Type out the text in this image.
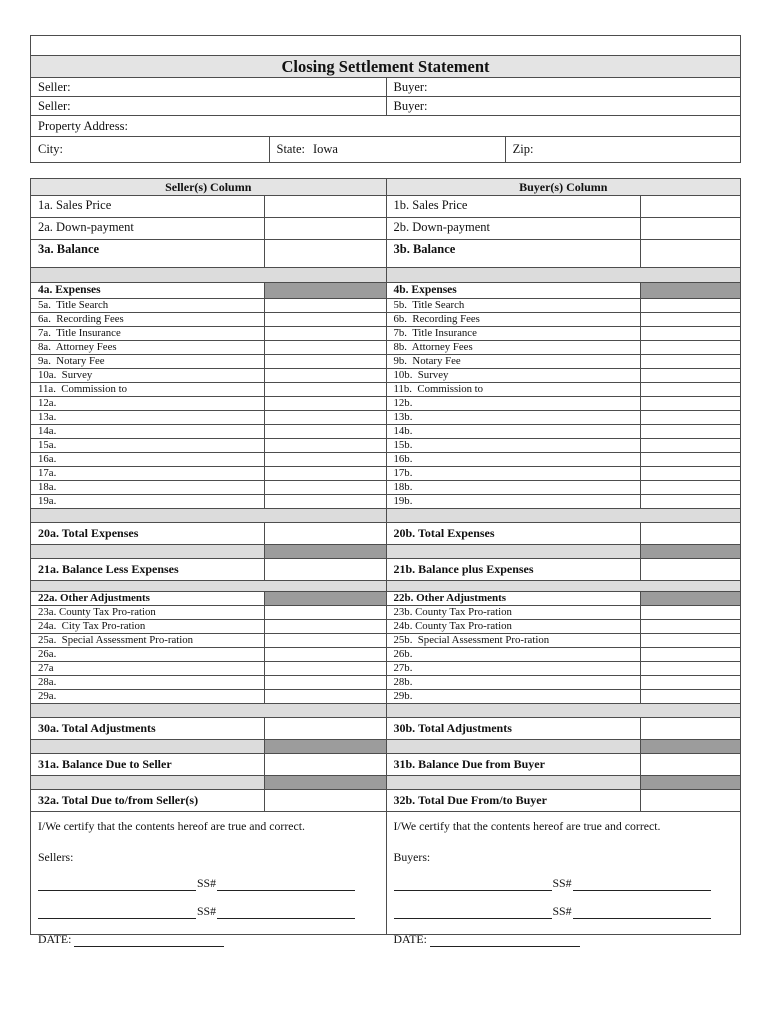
Closing Settlement Statement
Seller:	Buyer:
Seller:	Buyer:
Property Address:
City:	State: Iowa	Zip:
Seller(s) Column	Buyer(s) Column
1a. Sales Price	1b. Sales Price
2a. Down-payment	2b. Down-payment
3a. Balance	3b. Balance
4a. Expenses	4b. Expenses
5a.  Title Search	5b.  Title Search
6a.  Recording Fees	6b.  Recording Fees
7a.  Title Insurance	7b.  Title Insurance
8a.  Attorney Fees	8b.  Attorney Fees
9a.  Notary Fee	9b.  Notary Fee
10a.  Survey	10b.  Survey
11a.  Commission to	11b.  Commission to
12a.	12b.
13a.	13b.
14a.	14b.
15a.	15b.
16a.	16b.
17a.	17b.
18a.	18b.
19a.	19b.
20a. Total Expenses	20b. Total Expenses
21a. Balance Less Expenses	21b. Balance plus Expenses
22a. Other Adjustments	22b. Other Adjustments
23a. County Tax Pro-ration	23b. County Tax Pro-ration
24a.  City Tax Pro-ration	24b. County Tax Pro-ration
25a.  Special Assessment Pro-ration	25b.  Special Assessment Pro-ration
26a.	26b.
27a	27b.
28a.	28b.
29a.	29b.
30a. Total Adjustments	30b. Total Adjustments
31a. Balance Due to Seller	31b. Balance Due from Buyer
32a. Total Due to/from Seller(s)	32b. Total Due From/to Buyer
I/We certify that the contents hereof are true and correct.
Sellers:
SS#
SS#
DATE:
I/We certify that the contents hereof are true and correct.
Buyers:
SS#
SS#
DATE:
